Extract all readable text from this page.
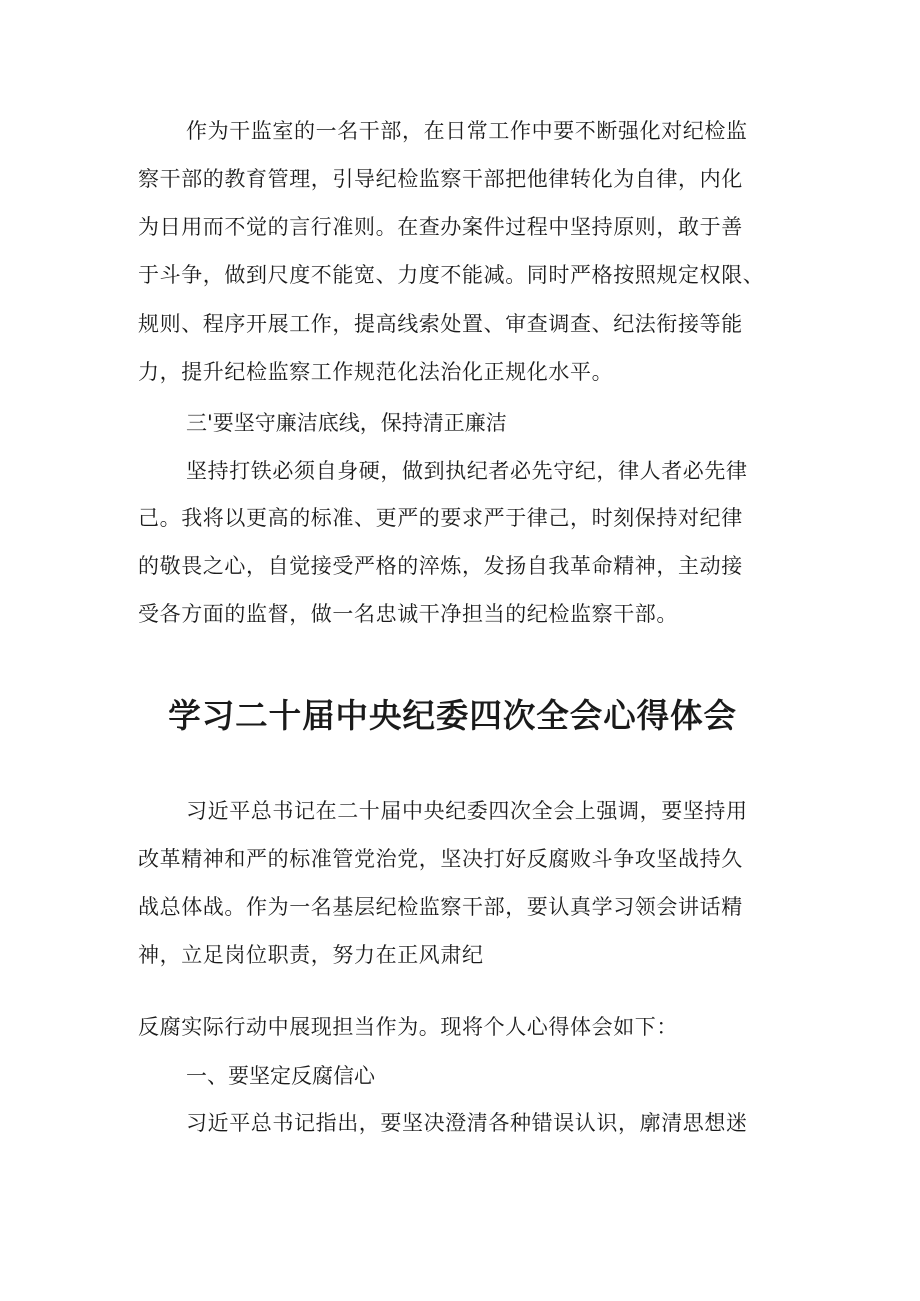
作为干监室的一名干部，在日常工作中要不断强化对纪检监

察干部的教育管理，引导纪检监察干部把他律转化为自律，内化

为日用而不觉的言行准则。在查办案件过程中坚持原则，敢于善

于斗争，做到尺度不能宽、力度不能减。同时严格按照规定权限、

规则、程序开展工作，提高线索处置、审查调查、纪法衔接等能

力，提升纪检监察工作规范化法治化正规化水平。

三'要坚守廉洁底线，保持清正廉洁

坚持打铁必须自身硬，做到执纪者必先守纪，律人者必先律

己。我将以更高的标准、更严的要求严于律己，时刻保持对纪律

的敬畏之心，自觉接受严格的淬炼，发扬自我革命精神，主动接

受各方面的监督，做一名忠诚干净担当的纪检监察干部。

学习二十届中央纪委四次全会心得体会

习近平总书记在二十届中央纪委四次全会上强调，要坚持用

改革精神和严的标准管党治党，坚决打好反腐败斗争攻坚战持久

战总体战。作为一名基层纪检监察干部，要认真学习领会讲话精

神，立足岗位职责，努力在正风肃纪

反腐实际行动中展现担当作为。现将个人心得体会如下：

一、要坚定反腐信心

习近平总书记指出，要坚决澄清各种错误认识，廓清思想迷
